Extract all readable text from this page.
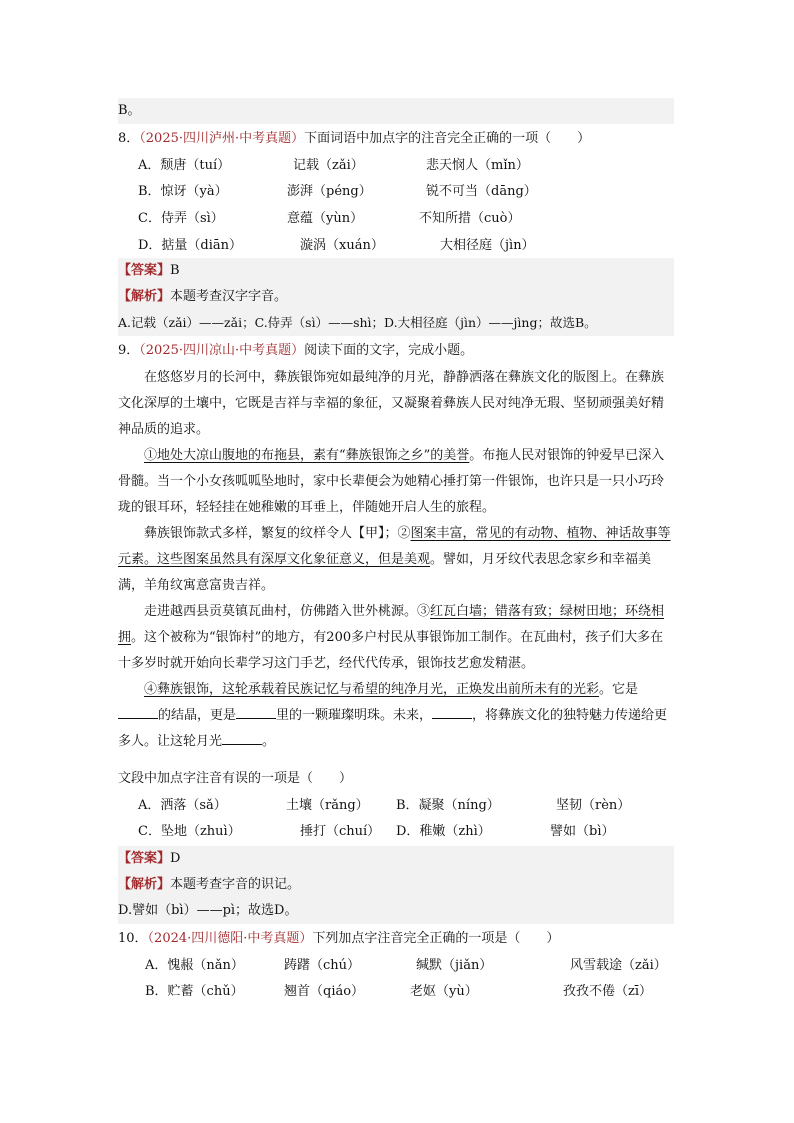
B。
8．（2025·四川泸州·中考真题）下面词语中加点字的注音完全正确的一项（　　）
A．颓唐（tuí）	记载（zǎi）	悲天悯人（mǐn）
B．惊讶（yà）	澎湃（péng）	锐不可当（dāng）
C．侍弄（sì）	意蕴（yùn）	不知所措（cuò）
D．掂量（diān）	漩涡（xuán）	大相径庭（jìn）
【答案】B
【解析】本题考查汉字字音。
A.记载（zǎi）——zǎi；C.侍弄（sì）——shì；D.大相径庭（jìn）——jìng；故选B。
9．（2025·四川凉山·中考真题）阅读下面的文字，完成小题。

在悠悠岁月的长河中，彝族银饰宛如最纯净的月光，静静洒落在彝族文化的版图上。在彝族文化深厚的土壤中，它既是吉祥与幸福的象征，又凝聚着彝族人民对纯净无瑕、坚韧顽强美好精神品质的追求。

①地处大凉山腹地的布拖县，素有“彝族银饰之乡”的美誉。布拖人民对银饰的钟爱早已深入骨髓。当一个小女孩呱呱坠地时，家中长辈便会为她精心捶打第一件银饰，也许只是一只小巧玲珑的银耳环，轻轻挂在她稚嫩的耳垂上，伴随她开启人生的旅程。

彝族银饰款式多样，繁复的纹样令人【甲】；②图案丰富，常见的有动物、植物、神话故事等元素。这些图案虽然具有深厚文化象征意义，但是美观。譬如，月牙纹代表思念家乡和幸福美满，羊角纹寓意富贵吉祥。

走进越西县贡莫镇瓦曲村，仿佛踏入世外桃源。③红瓦白墙；错落有致；绿树田地；环绕相拥。这个被称为“银饰村”的地方，有200多户村民从事银饰加工制作。在瓦曲村，孩子们大多在十多岁时就开始向长辈学习这门手艺，经代代传承，银饰技艺愈发精湛。

④彝族银饰，这轮承载着民族记忆与希望的纯净月光，正焕发出前所未有的光彩。它是的结晶，更是	里的一颗璀璨明珠。未来，	，将彝族文化的独特魅力传递给更多人。让这轮月光	。

文段中加点字注音有误的一项是（　　）
A．洒落（sǎ）	土壤（rǎng） B．凝聚（níng）	坚韧（rèn）
C．坠地（zhuì）	捶打（chuí） D．稚嫩（zhì）	譬如（bì）
【答案】D
【解析】本题考查字音的识记。
D.譬如（bì）——pì；故选D。
10．（2024·四川德阳·中考真题）下列加点字注音完全正确的一项是（　　）
A．愧赧（nǎn）	踌躇（chú）	缄默（jiǎn）	风雪载途（zǎi）
B．贮蓄（chǔ）	翘首（qiáo）	老妪（yù）	孜孜不倦（zī）
